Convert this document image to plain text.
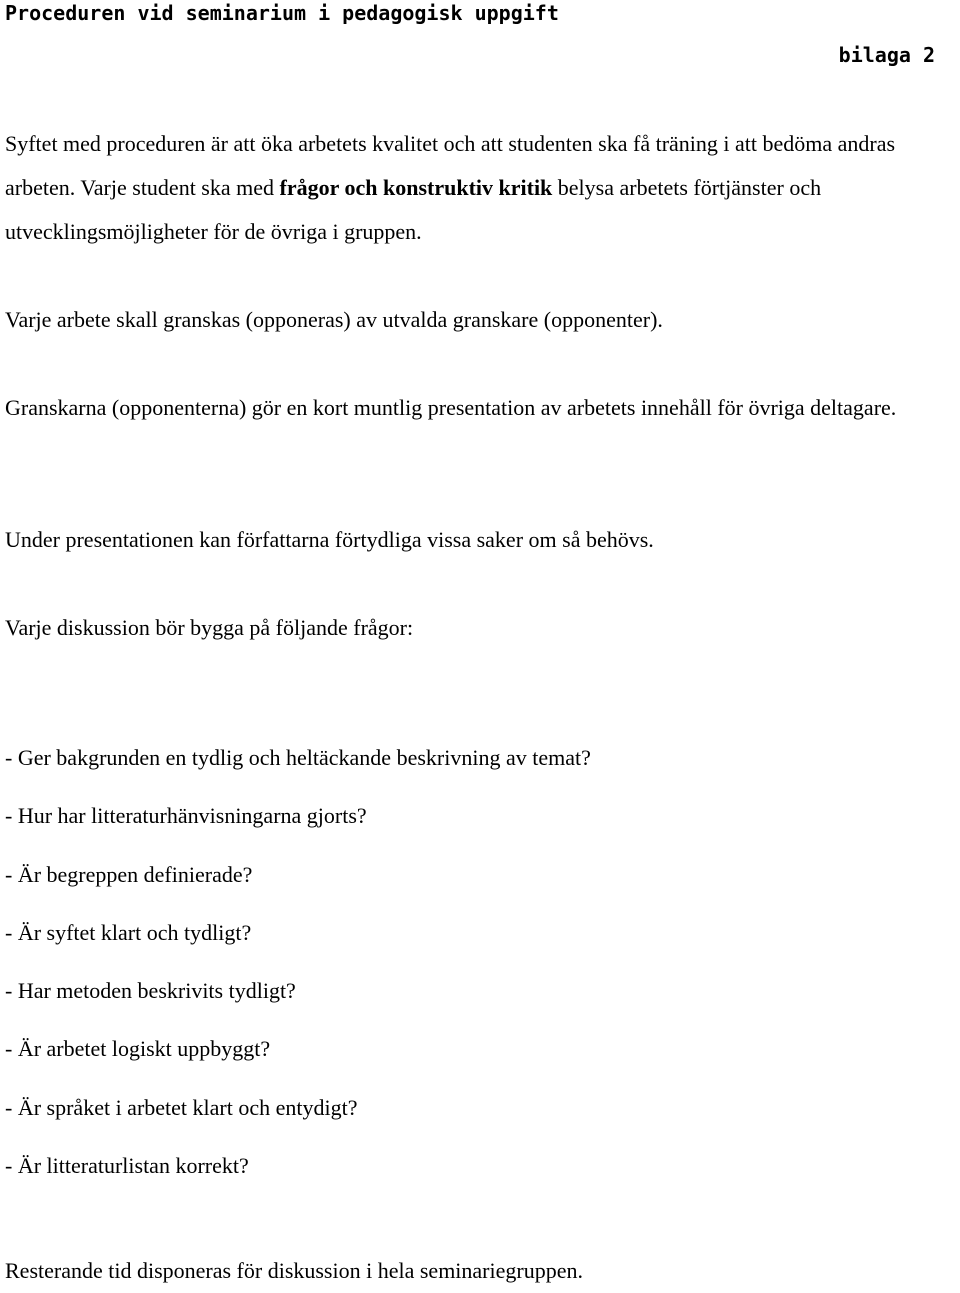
Proceduren vid seminarium i pedagogisk uppgift
bilaga 2

Syftet med proceduren är att öka arbetets kvalitet och att studenten ska få träning i att bedöma andras arbeten. Varje student ska med frågor och konstruktiv kritik belysa arbetets förtjänster och utvecklingsmöjligheter för de övriga i gruppen.

Varje arbete skall granskas (opponeras) av utvalda granskare (opponenter).

Granskarna (opponenterna) gör en kort muntlig presentation av arbetets innehåll för övriga deltagare.

Under presentationen kan författarna förtydliga vissa saker om så behövs.

Varje diskussion bör bygga på följande frågor:

- Ger bakgrunden en tydlig och heltäckande beskrivning av temat?
- Hur har litteraturhänvisningarna gjorts?
- Är begreppen definierade?
- Är syftet klart och tydligt?
- Har metoden beskrivits tydligt?
- Är arbetet logiskt uppbyggt?
- Är språket i arbetet klart och entydigt?
- Är litteraturlistan korrekt?

Resterande tid disponeras för diskussion i hela seminariegruppen.
